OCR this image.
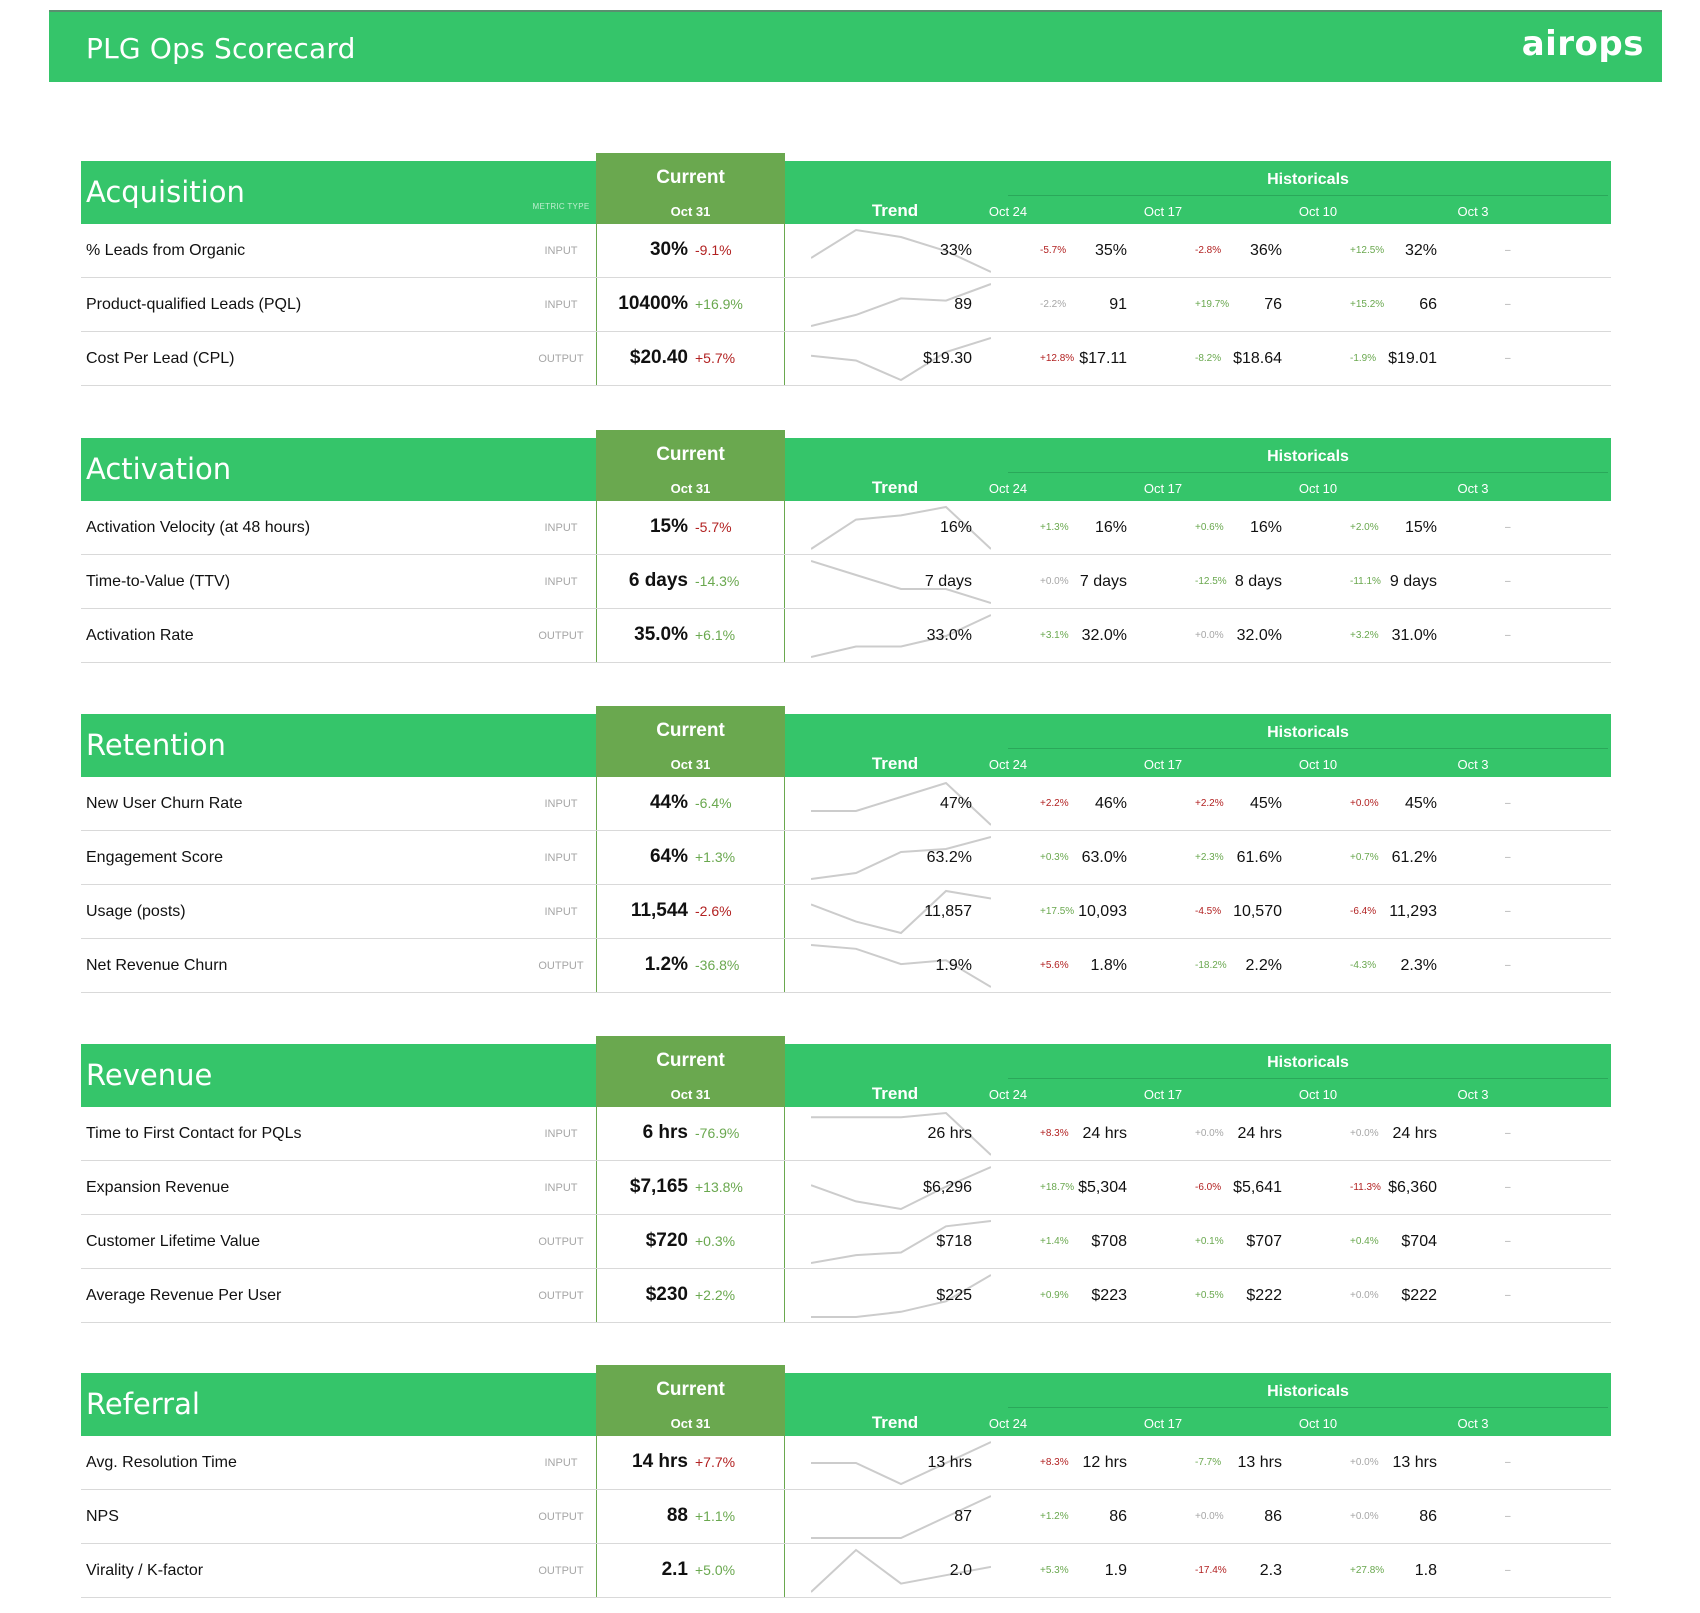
PLG Ops Scorecard	airops
Acquisition	METRIC TYPE
Current
Oct 31	Trend
Historicals
Oct 24	Oct 17	Oct 10	Oct 3
% Leads from Organic	INPUT	30% -9.1%	33%	-5.7%	35%	-2.8%	36%	+12.5%	32%	–
Product-qualified Leads (PQL)	INPUT	10400% +16.9%	89	-2.2%	91	+19.7%	76	+15.2%	66	–
Cost Per Lead (CPL)	OUTPUT	$20.40 +5.7%	$19.30	+12.8% $17.11	-8.2% $18.64	-1.9% $19.01	–
Activation	Current
Oct 31	Trend
Historicals
Oct 24	Oct 17	Oct 10	Oct 3
Activation Velocity (at 48 hours)	INPUT	15% -5.7%	16%	+1.3%	16%	+0.6%	16%	+2.0%	15%	–
Time-to-Value (TTV)	INPUT	6 days -14.3%	7 days	+0.0% 7 days	-12.5% 8 days	-11.1% 9 days	–
Activation Rate	OUTPUT	35.0% +6.1%	33.0%	+3.1% 32.0%	+0.0% 32.0%	+3.2% 31.0%	–
Retention	Current
Oct 31	Trend
Historicals
Oct 24	Oct 17	Oct 10	Oct 3
New User Churn Rate	INPUT	44% -6.4%	47%	+2.2%	46%	+2.2%	45%	+0.0%	45%	–
Engagement Score	INPUT	64% +1.3%	63.2%	+0.3% 63.0%	+2.3% 61.6%	+0.7% 61.2%	–
Usage (posts)	INPUT	11,544 -2.6%	11,857	+17.5% 10,093	-4.5% 10,570	-6.4% 11,293	–
Net Revenue Churn	OUTPUT	1.2% -36.8%	1.9%	+5.6%	1.8%	-18.2%	2.2%	-4.3%	2.3%	–
Revenue	Current
Oct 31	Trend
Historicals
Oct 24	Oct 17	Oct 10	Oct 3
Time to First Contact for PQLs	INPUT	6 hrs -76.9%	26 hrs	+8.3% 24 hrs	+0.0% 24 hrs	+0.0% 24 hrs	–
Expansion Revenue	INPUT	$7,165 +13.8%	$6,296	+18.7% $5,304	-6.0% $5,641	-11.3% $6,360	–
Customer Lifetime Value	OUTPUT	$720 +0.3%	$718	+1.4%	$708	+0.1%	$707	+0.4%	$704	–
Average Revenue Per User	OUTPUT	$230 +2.2%	$225	+0.9%	$223	+0.5%	$222	+0.0%	$222	–
Referral	Current
Oct 31	Trend
Historicals
Oct 24	Oct 17	Oct 10	Oct 3
Avg. Resolution Time	INPUT	14 hrs +7.7%	13 hrs	+8.3% 12 hrs	-7.7%	13 hrs	+0.0% 13 hrs	–
NPS	OUTPUT	88 +1.1%	87	+1.2%	86	+0.0%	86	+0.0%	86	–
Virality / K-factor	OUTPUT	2.1 +5.0%	2.0	+5.3%	1.9	-17.4%	2.3	+27.8%	1.8	–
